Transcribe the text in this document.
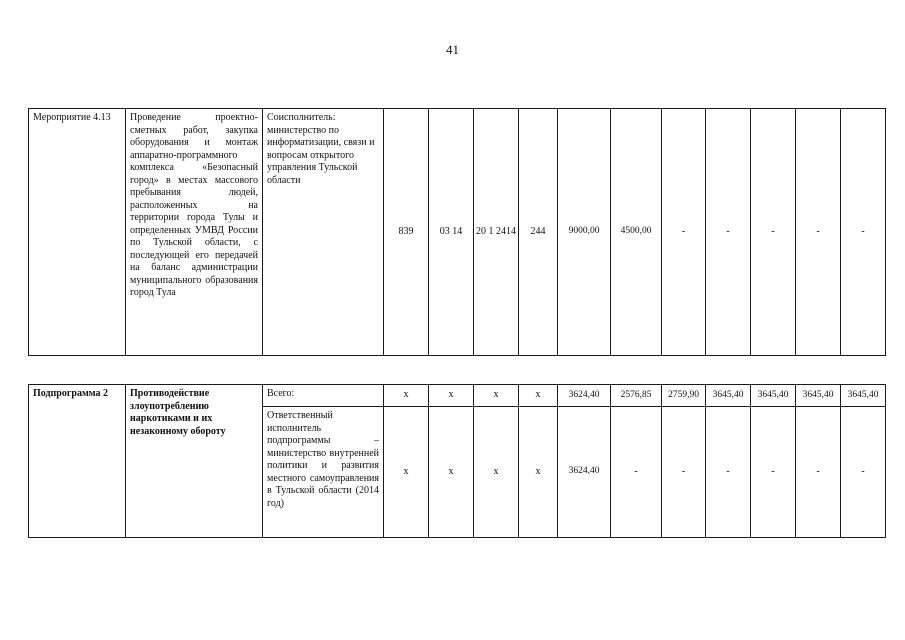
41
Мероприятие 4.13	Проведение проектно-сметных работ, закупка оборудования и монтаж аппаратно-программного комплекса «Безопасный город» в местах массового пребывания людей, расположенных на территории города Тулы и определенных УМВД России по Тульской области, с последующей его передачей на баланс администрации муниципального образования город Тула	Соисполнитель: министерство по информатизации, связи и вопросам открытого управления Тульской области	839	03 14	20 1 2414	244	9000,00	4500,00	-	-	-	-	-
Подпрограмма 2	Противодействие злоупотреблению наркотиками и их незаконному обороту	Всего:	х	х	х	х	3624,40	2576,85	2759,90	3645,40	3645,40	3645,40	3645,40
		Ответственный исполнитель подпрограммы – министерство внутренней политики и развития местного самоуправления в Тульской области (2014 год)	х	х	х	х	3624,40	-	-	-	-	-	-
